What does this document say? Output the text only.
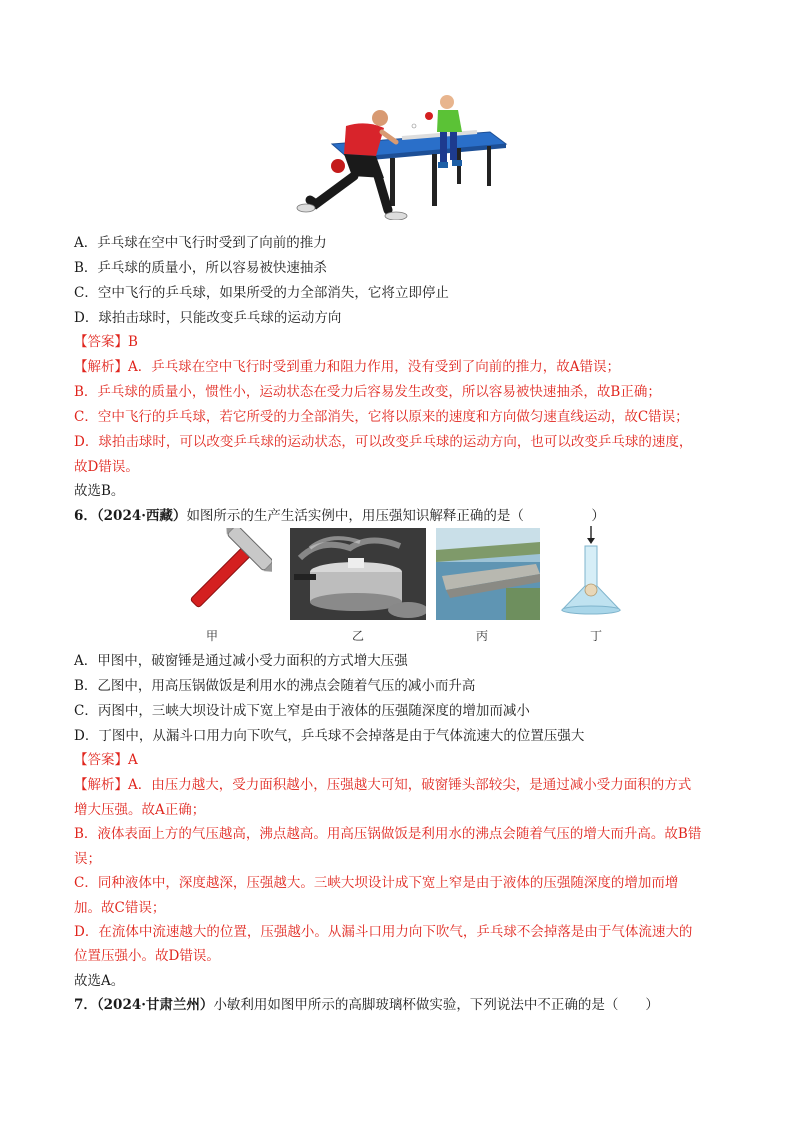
A．乒乓球在空中飞行时受到了向前的推力
B．乒乓球的质量小，所以容易被快速抽杀
C．空中飞行的乒乓球，如果所受的力全部消失，它将立即停止
D．球拍击球时，只能改变乒乓球的运动方向
【答案】B
【解析】A．乒乓球在空中飞行时受到重力和阻力作用，没有受到了向前的推力，故A错误；
B．乒乓球的质量小，惯性小，运动状态在受力后容易发生改变，所以容易被快速抽杀，故B正确；
C．空中飞行的乒乓球，若它所受的力全部消失，它将以原来的速度和方向做匀速直线运动，故C错误；
D．球拍击球时，可以改变乒乓球的运动状态，可以改变乒乓球的运动方向，也可以改变乒乓球的速度，
故D错误。
故选B。
6．（2024·西藏）如图所示的生产生活实例中，用压强知识解释正确的是（　　　　　）
甲	乙	丙	丁
A．甲图中，破窗锤是通过减小受力面积的方式增大压强
B．乙图中，用高压锅做饭是利用水的沸点会随着气压的减小而升高
C．丙图中，三峡大坝设计成下宽上窄是由于液体的压强随深度的增加而减小
D．丁图中，从漏斗口用力向下吹气，乒乓球不会掉落是由于气体流速大的位置压强大
【答案】A
【解析】A．由压力越大，受力面积越小，压强越大可知，破窗锤头部较尖，是通过减小受力面积的方式
增大压强。故A正确；
B．液体表面上方的气压越高，沸点越高。用高压锅做饭是利用水的沸点会随着气压的增大而升高。故B错
误；
C．同种液体中，深度越深，压强越大。三峡大坝设计成下宽上窄是由于液体的压强随深度的增加而增
加。故C错误；
D．在流体中流速越大的位置，压强越小。从漏斗口用力向下吹气，乒乓球不会掉落是由于气体流速大的
位置压强小。故D错误。
故选A。
7．（2024·甘肃兰州）小敏利用如图甲所示的高脚玻璃杯做实验，下列说法中不正确的是（　　）
